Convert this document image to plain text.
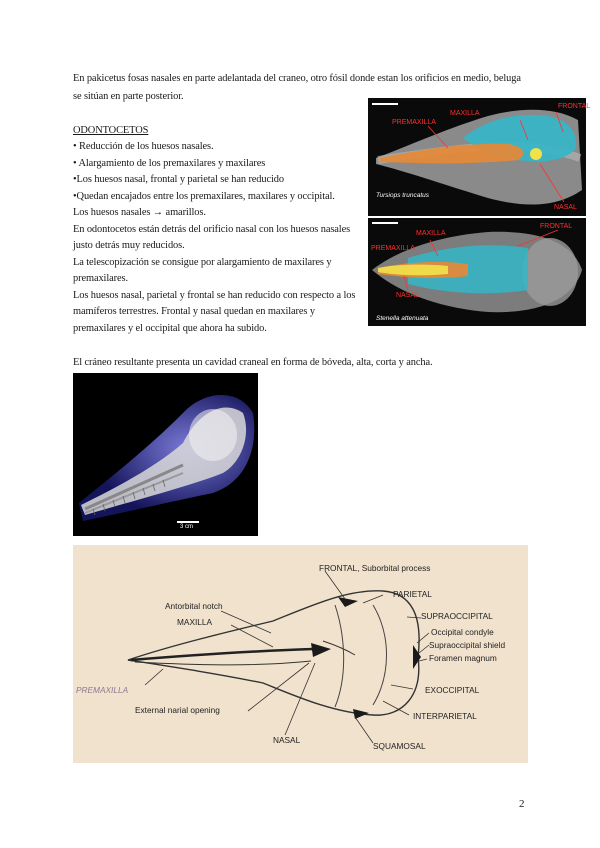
En pakicetus fosas nasales en parte adelantada del craneo, otro fósil donde estan los orificios en medio, beluga
se sitúan en parte posterior.
ODONTOCETOS
• Reducción de los huesos nasales.
• Alargamiento de los premaxilares y maxilares
•Los huesos nasal, frontal y parietal se han reducido
•Quedan encajados entre los premaxilares, maxilares y occipital.
Los huesos nasales → amarillos.
En odontocetos están detrás del orificio nasal con los huesos nasales
justo detrás muy reducidos.
La telescopización se consigue por alargamiento de maxilares y
premaxilares.
Los huesos nasal, parietal y frontal se han reducido con respecto a los
mamíferos terrestres. Frontal y nasal quedan en maxilares y
premaxilares y el occipital que ahora ha subido.
FRONTAL
MAXILLA
PREMAXILLA
NASAL
Tursiops truncatus
FRONTAL
MAXILLA
PREMAXILLA
NASAL
Stenella attenuata
El cráneo resultante presenta un cavidad craneal en forma de bóveda, alta, corta y ancha.
3 cm
FRONTAL, Suborbital process
PARIETAL
SUPRAOCCIPITAL
Occipital condyle
Supraoccipital shield
Foramen magnum
Antorbital notch
MAXILLA
PREMAXILLA
External narial opening
EXOCCIPITAL
INTERPARIETAL
NASAL
SQUAMOSAL
2
